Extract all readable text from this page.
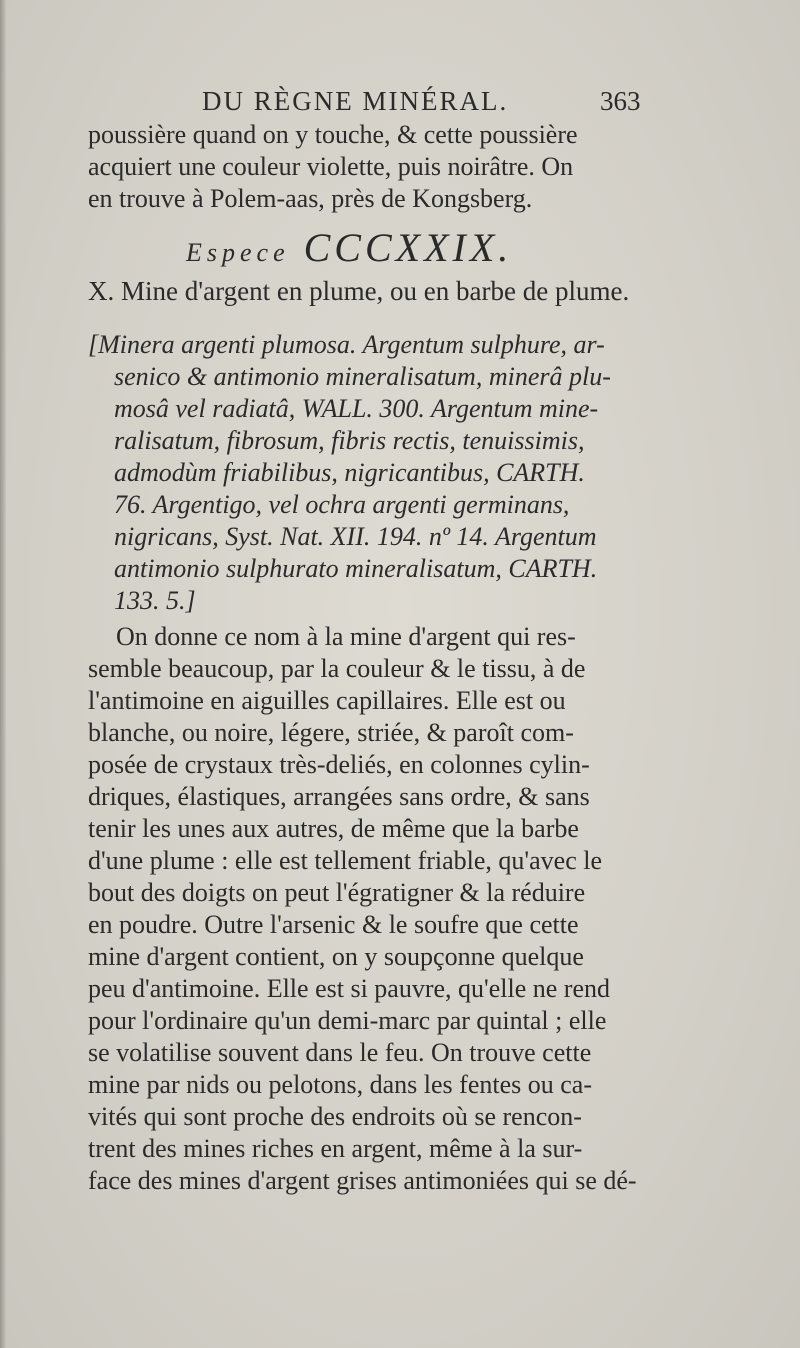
DU RÈGNE MINÉRAL.	363
poussière quand on y touche, & cette poussière
acquiert une couleur violette, puis noirâtre. On
en trouve à Polem-aas, près de Kongsberg.
Espece CCCXXIX.
X. Mine d'argent en plume, ou en barbe de plume.
[Minera argenti plumosa. Argentum sulphure, ar-
senico & antimonio mineralisatum, minerâ plu-
mosâ vel radiatâ, WALL. 300. Argentum mine-
ralisatum, fibrosum, fibris rectis, tenuissimis,
admodùm friabilibus, nigricantibus, CARTH.
76. Argentigo, vel ochra argenti germinans,
nigricans, Syst. Nat. XII. 194. nº 14. Argentum
antimonio sulphurato mineralisatum, CARTH.
133. 5.]
On donne ce nom à la mine d'argent qui res-
semble beaucoup, par la couleur & le tissu, à de
l'antimoine en aiguilles capillaires. Elle est ou
blanche, ou noire, légere, striée, & paroît com-
posée de crystaux très-deliés, en colonnes cylin-
driques, élastiques, arrangées sans ordre, & sans
tenir les unes aux autres, de même que la barbe
d'une plume : elle est tellement friable, qu'avec le
bout des doigts on peut l'égratigner & la réduire
en poudre. Outre l'arsenic & le soufre que cette
mine d'argent contient, on y soupçonne quelque
peu d'antimoine. Elle est si pauvre, qu'elle ne rend
pour l'ordinaire qu'un demi-marc par quintal ; elle
se volatilise souvent dans le feu. On trouve cette
mine par nids ou pelotons, dans les fentes ou ca-
vités qui sont proche des endroits où se rencon-
trent des mines riches en argent, même à la sur-
face des mines d'argent grises antimoniées qui se dé-
